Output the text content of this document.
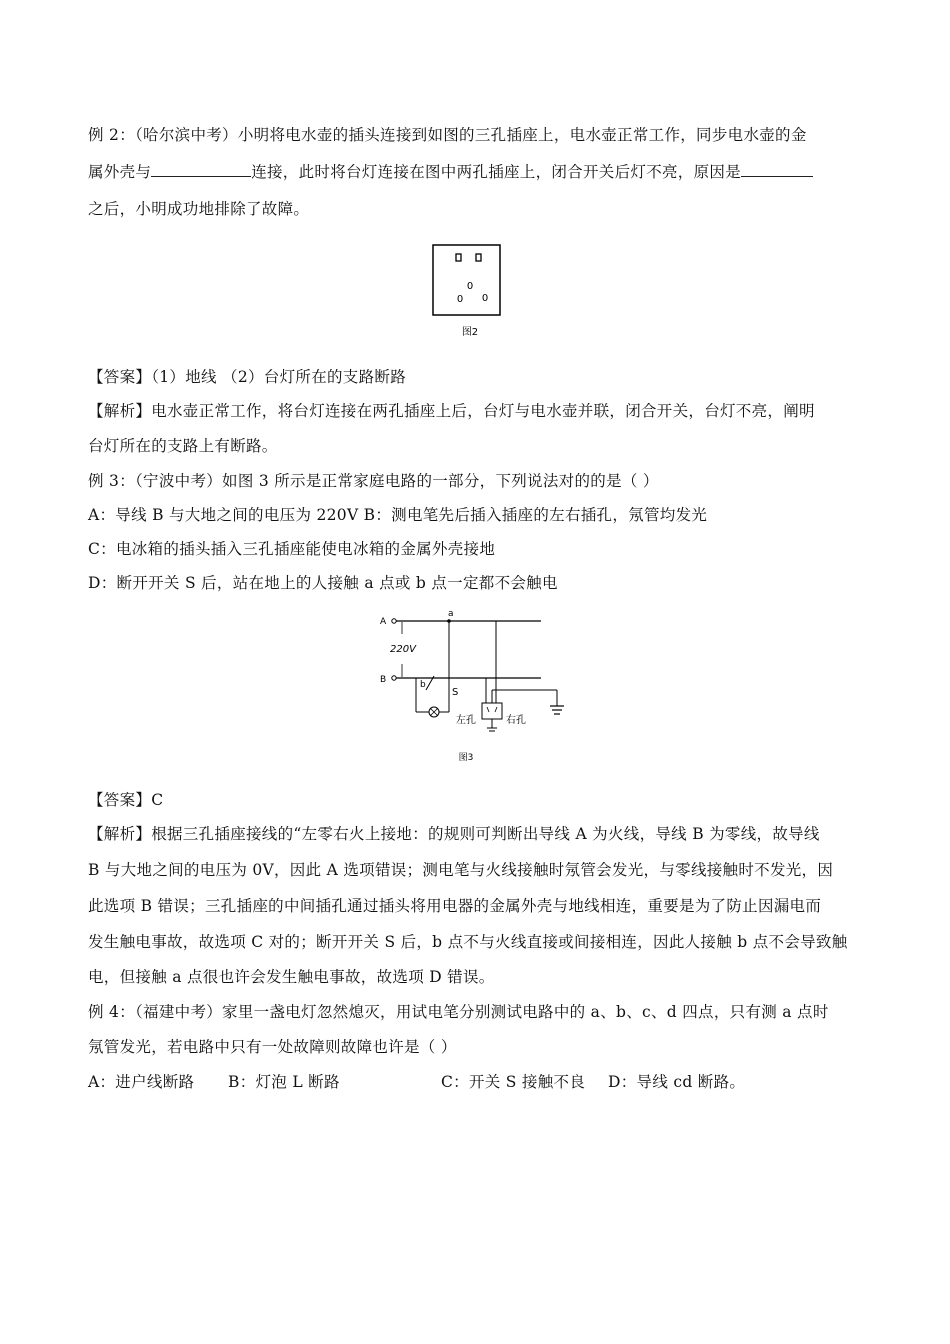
例 2：（哈尔滨中考）小明将电水壶的插头连接到如图的三孔插座上，电水壶正常工作，同步电水壶的金
属外壳与	连接，此时将台灯连接在图中两孔插座上，闭合开关后灯不亮，原因是
之后，小明成功地排除了故障。
0
0 0
图2
【答案】（1）地线 （2）台灯所在的支路断路
【解析】电水壶正常工作，将台灯连接在两孔插座上后，台灯与电水壶并联，闭合开关，台灯不亮，阐明
台灯所在的支路上有断路。
例 3：（宁波中考）如图 3 所示是正常家庭电路的一部分，下列说法对的的是（ ）
A：导线 B 与大地之间的电压为 220V B：测电笔先后插入插座的左右插孔，氖管均发光
C：电冰箱的插头插入三孔插座能使电冰箱的金属外壳接地
D：断开开关 S 后，站在地上的人接触 a 点或 b 点一定都不会触电
A
B
220V
a
b
S
左孔	右孔
图3
【答案】C
【解析】根据三孔插座接线的“左零右火上接地：的规则可判断出导线 A 为火线，导线 B 为零线，故导线
B 与大地之间的电压为 0V，因此 A 选项错误；测电笔与火线接触时氖管会发光，与零线接触时不发光，因
此选项 B 错误；三孔插座的中间插孔通过插头将用电器的金属外壳与地线相连，重要是为了防止因漏电而
发生触电事故，故选项 C 对的；断开开关 S 后，b 点不与火线直接或间接相连，因此人接触 b 点不会导致触
电，但接触 a 点很也许会发生触电事故，故选项 D 错误。
例 4：（福建中考）家里一盏电灯忽然熄灭，用试电笔分别测试电路中的 a、b、c、d 四点，只有测 a 点时
氖管发光，若电路中只有一处故障则故障也许是（ ）
A：进户线断路 B：灯泡 L 断路	C：开关 S 接触不良 D：导线 cd 断路。
